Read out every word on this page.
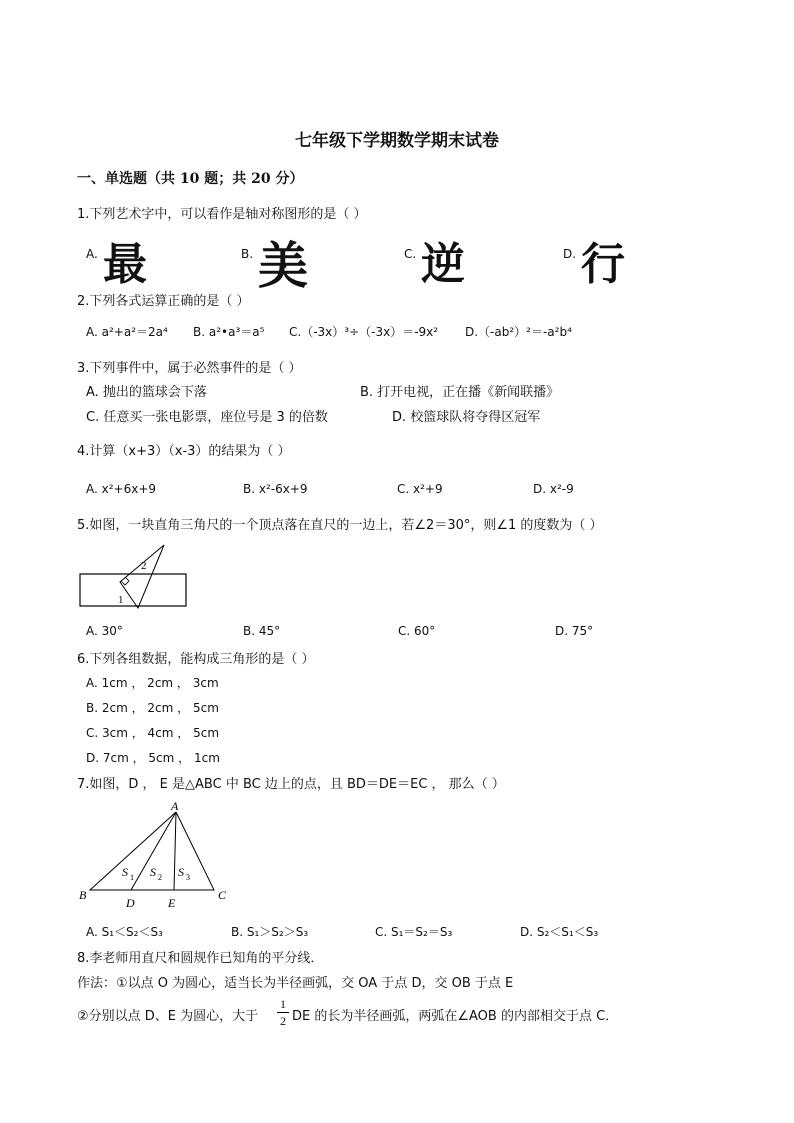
七年级下学期数学期末试卷
一、单选题（共 10 题；共 20 分）
1.下列艺术字中，可以看作是轴对称图形的是（ ）
A. 最	B. 美	C. 逆	D. 行
2.下列各式运算正确的是（ ）
A. a²+a²＝2a⁴ B. a²•a³＝a⁵ C.（-3x）³÷（-3x）＝-9x² D.（-ab²）²＝-a²b⁴
3.下列事件中，属于必然事件的是（ ）
A. 抛出的篮球会下落	B. 打开电视，正在播《新闻联播》
C. 任意买一张电影票，座位号是 3 的倍数	D. 校篮球队将夺得区冠军
4.计算（x+3）（x-3）的结果为（ ）
A. x²+6x+9	B. x²-6x+9	C. x²+9	D. x²-9
5.如图，一块直角三角尺的一个顶点落在直尺的一边上，若∠2＝30°，则∠1 的度数为（ ）
2
1
A. 30°	B. 45°	C. 60°	D. 75°
6.下列各组数据，能构成三角形的是（ ）
A. 1cm ， 2cm ， 3cm
B. 2cm ， 2cm ， 5cm
C. 3cm ， 4cm ， 5cm
D. 7cm ， 5cm ， 1cm
7.如图，D ， E 是△ABC 中 BC 边上的点，且 BD＝DE＝EC ， 那么（ ）
A
B	C
D	E
S 1 S 2 S 3
A. S₁＜S₂＜S₃	B. S₁＞S₂＞S₃	C. S₁＝S₂＝S₃	D. S₂＜S₁＜S₃
8.李老师用直尺和圆规作已知角的平分线．
作法：①以点 O 为圆心，适当长为半径画弧，交 OA 于点 D，交 OB 于点 E
②分别以点 D、E 为圆心，大于
1
2 DE 的长为半径画弧，两弧在∠AOB 的内部相交于点 C．
